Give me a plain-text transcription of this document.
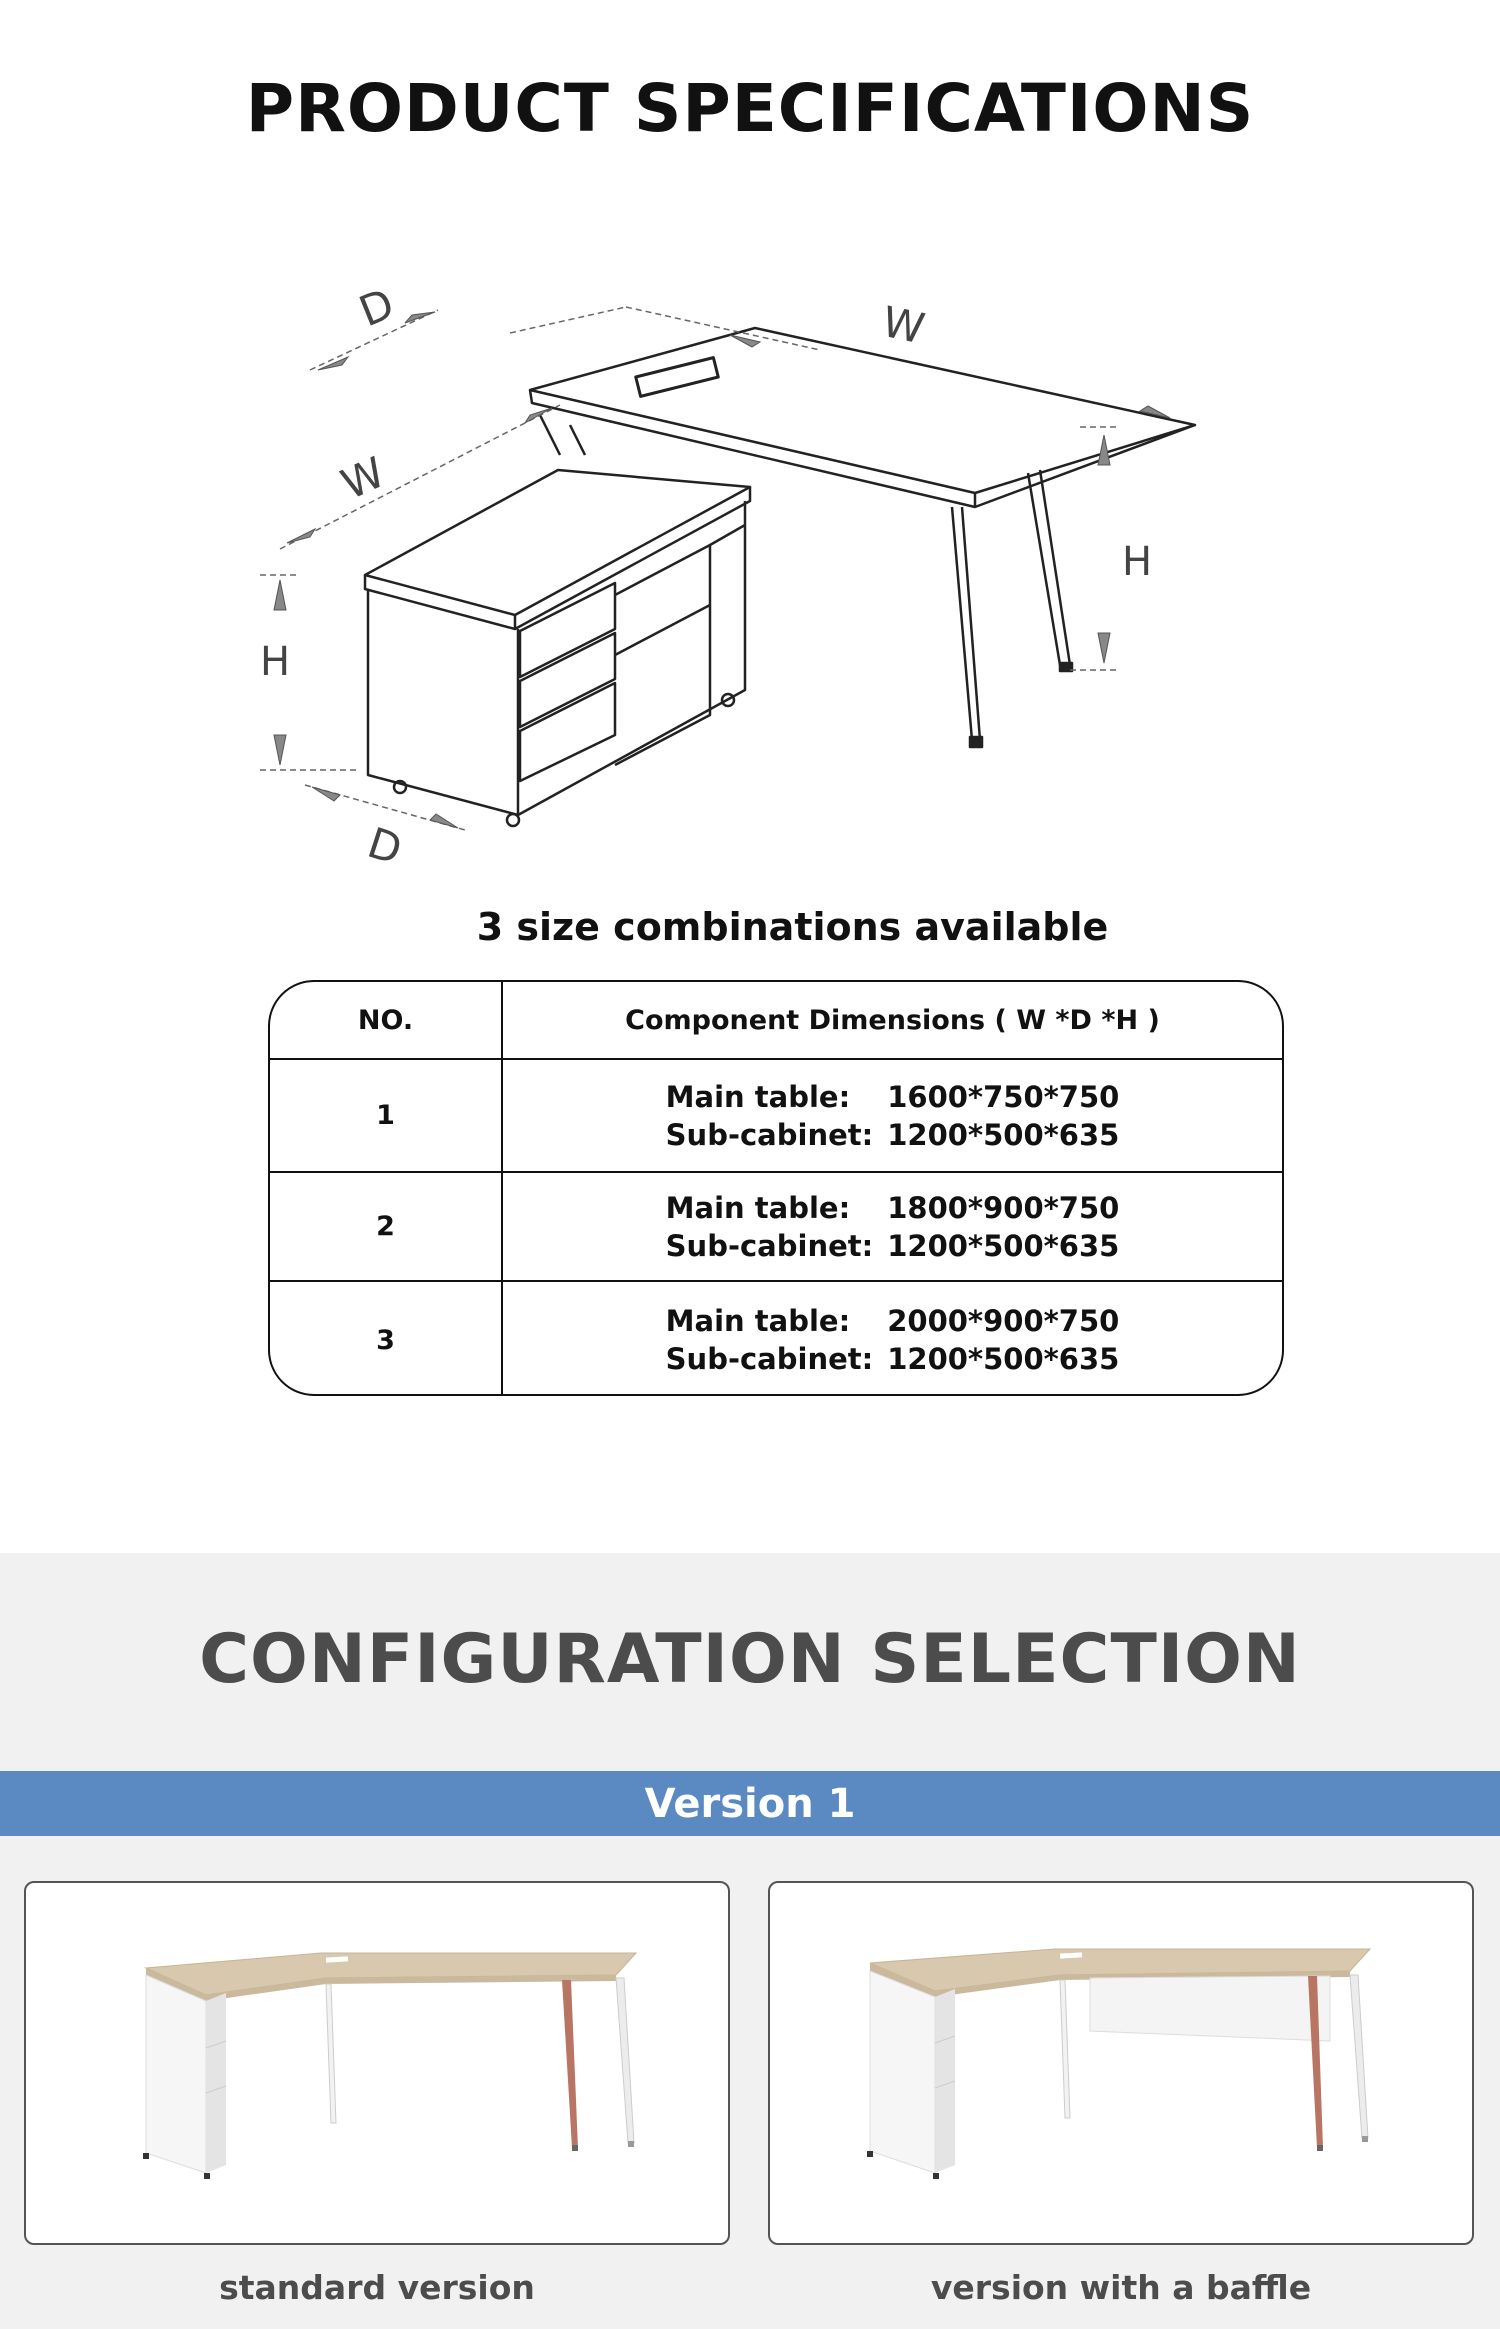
PRODUCT SPECIFICATIONS
D	W
H
W
H
D
3 size combinations available
NO.	Component Dimensions ( W *D *H )
1
Main table:	1600*750*750
Sub-cabinet: 1200*500*635
2
Main table:	1800*900*750
Sub-cabinet: 1200*500*635
3
Main table:	2000*900*750
Sub-cabinet: 1200*500*635
CONFIGURATION SELECTION
Version 1
standard version	version with a baffle
